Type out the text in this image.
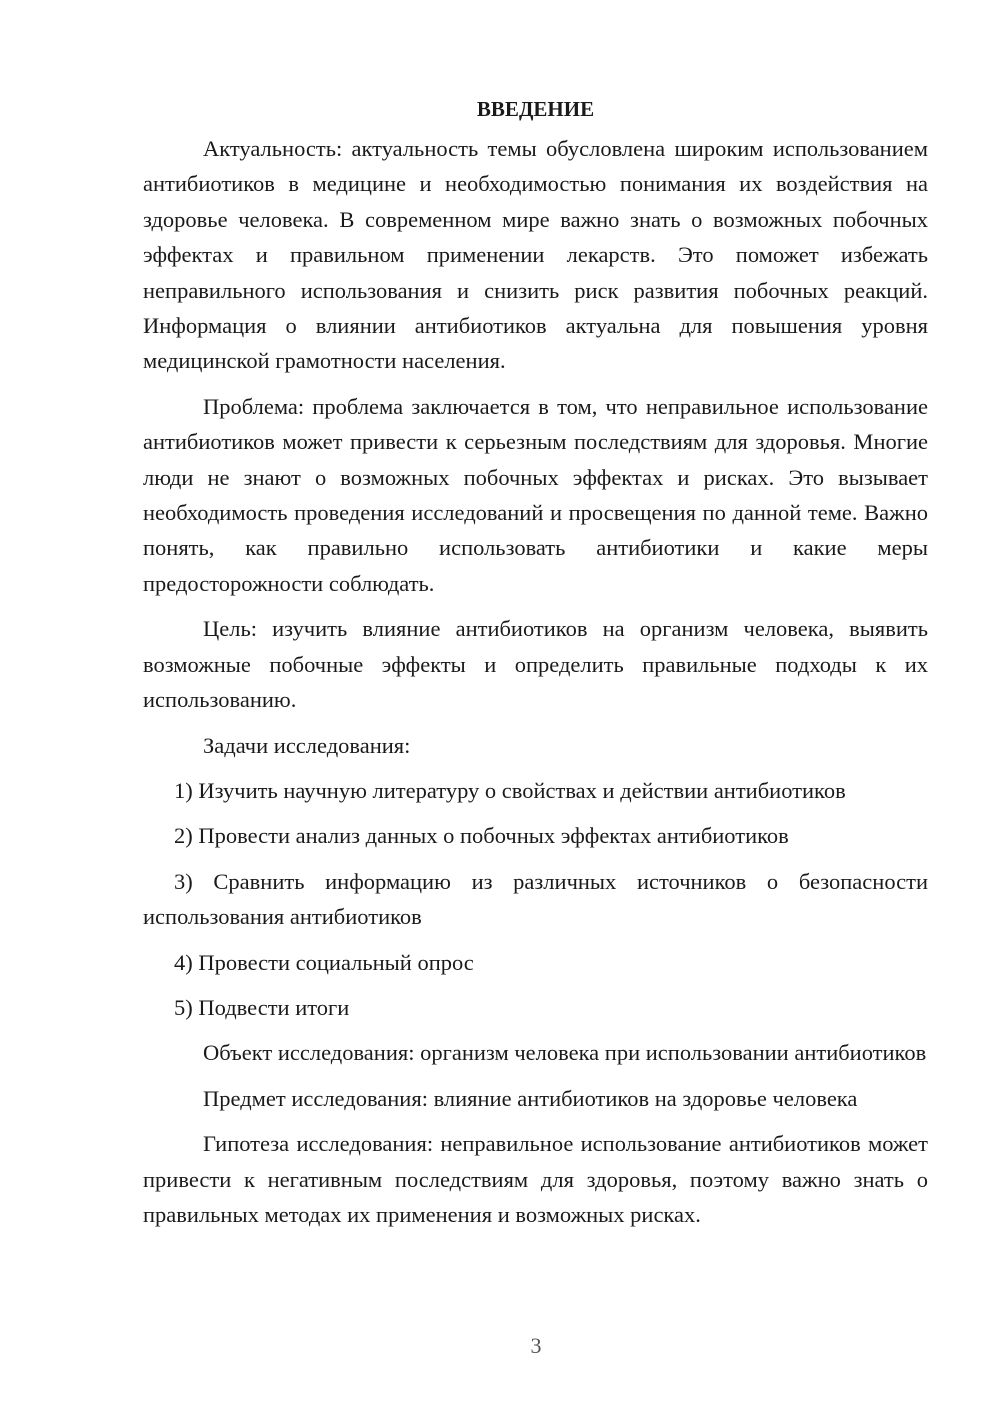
ВВЕДЕНИЕ

Актуальность: актуальность темы обусловлена широким использованием антибиотиков в медицине и необходимостью понимания их воздействия на здоровье человека. В современном мире важно знать о возможных побочных эффектах и правильном применении лекарств. Это поможет избежать неправильного использования и снизить риск развития побочных реакций. Информация о влиянии антибиотиков актуальна для повышения уровня медицинской грамотности населения.

Проблема: проблема заключается в том, что неправильное использование антибиотиков может привести к серьезным последствиям для здоровья. Многие люди не знают о возможных побочных эффектах и рисках. Это вызывает необходимость проведения исследований и просвещения по данной теме. Важно понять, как правильно использовать антибиотики и какие меры предосторожности соблюдать.

Цель: изучить влияние антибиотиков на организм человека, выявить возможные побочные эффекты и определить правильные подходы к их использованию.

Задачи исследования:

1) Изучить научную литературу о свойствах и действии антибиотиков

2) Провести анализ данных о побочных эффектах антибиотиков

3) Сравнить информацию из различных источников о безопасности использования антибиотиков

4) Провести социальный опрос

5) Подвести итоги

Объект исследования: организм человека при использовании антибиотиков

Предмет исследования: влияние антибиотиков на здоровье человека

Гипотеза исследования: неправильное использование антибиотиков может привести к негативным последствиям для здоровья, поэтому важно знать о правильных методах их применения и возможных рисках.

3
